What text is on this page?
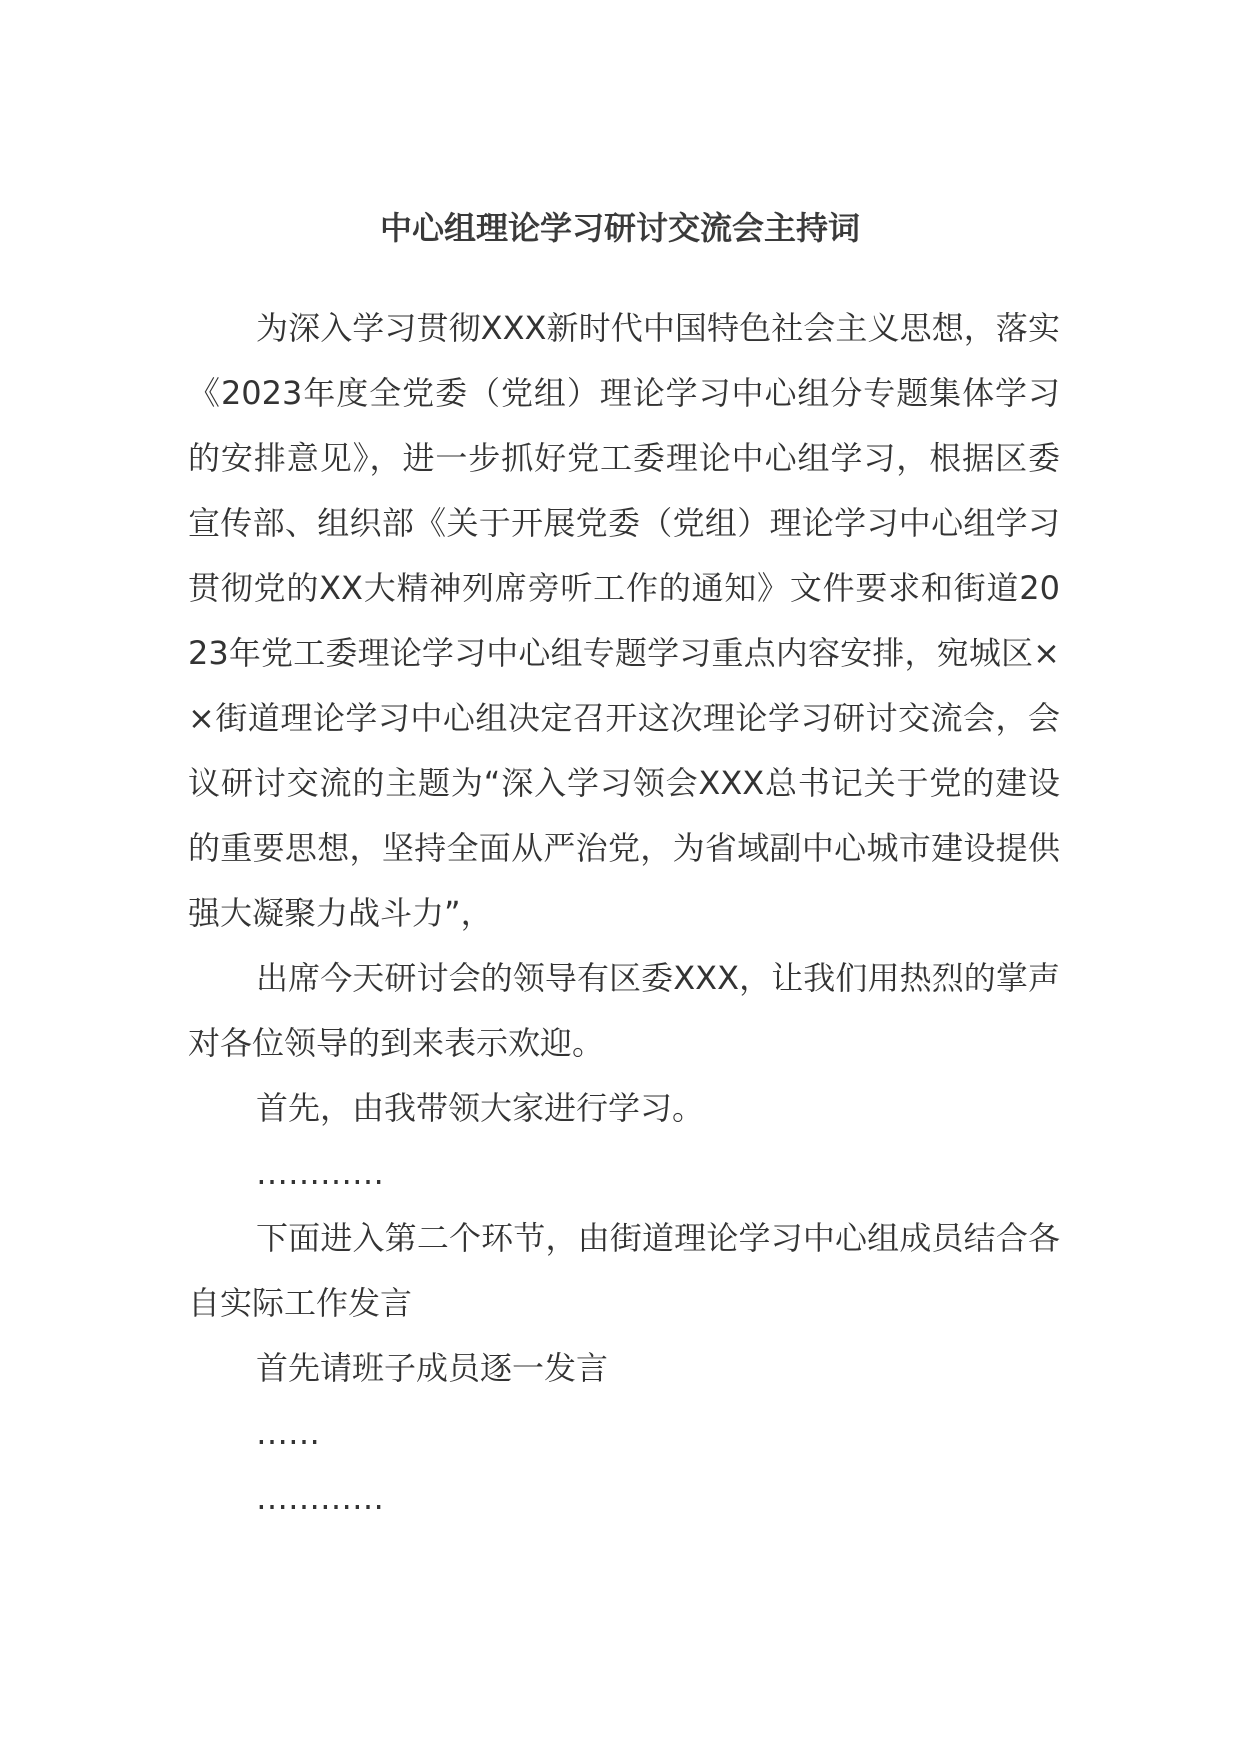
中心组理论学习研讨交流会主持词

为深入学习贯彻XXX新时代中国特色社会主义思想，落实《2023年度全党委（党组）理论学习中心组分专题集体学习的安排意见》，进一步抓好党工委理论中心组学习，根据区委宣传部、组织部《关于开展党委（党组）理论学习中心组学习贯彻党的XX大精神列席旁听工作的通知》文件要求和街道2023年党工委理论学习中心组专题学习重点内容安排，宛城区××街道理论学习中心组决定召开这次理论学习研讨交流会，会议研讨交流的主题为“深入学习领会XXX总书记关于党的建设的重要思想，坚持全面从严治党，为省域副中心城市建设提供强大凝聚力战斗力”，

出席今天研讨会的领导有区委XXX，让我们用热烈的掌声对各位领导的到来表示欢迎。

首先，由我带领大家进行学习。

…………

下面进入第二个环节，由街道理论学习中心组成员结合各自实际工作发言

首先请班子成员逐一发言

……

…………
